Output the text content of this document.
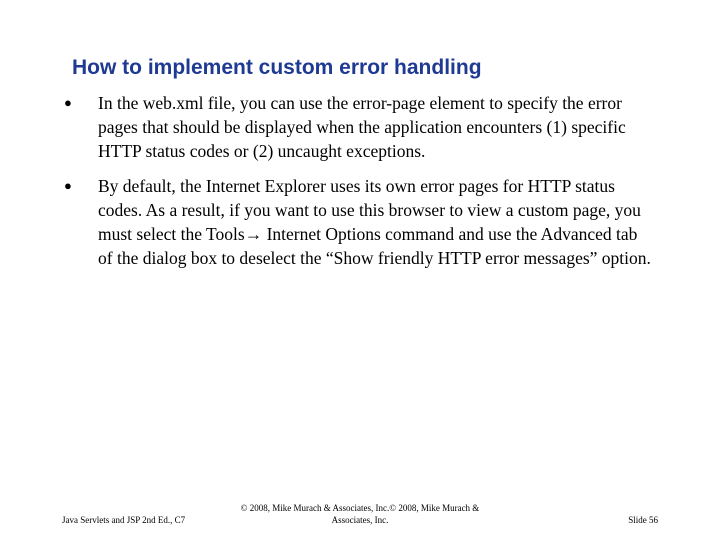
How to implement custom error handling
●	In the web.xml file, you can use the error-page element to specify the error pages that should be displayed when the application encounters (1) specific HTTP status codes or (2) uncaught exceptions.
●	By default, the Internet Explorer uses its own error pages for HTTP status codes. As a result, if you want to use this browser to view a custom page, you must select the Tools→ Internet Options command and use the Advanced tab of the dialog box to deselect the “Show friendly HTTP error messages” option.
Java Servlets and JSP 2nd Ed., C7
© 2008, Mike Murach & Associates, Inc.© 2008, Mike Murach & Associates, Inc.	Slide 56
